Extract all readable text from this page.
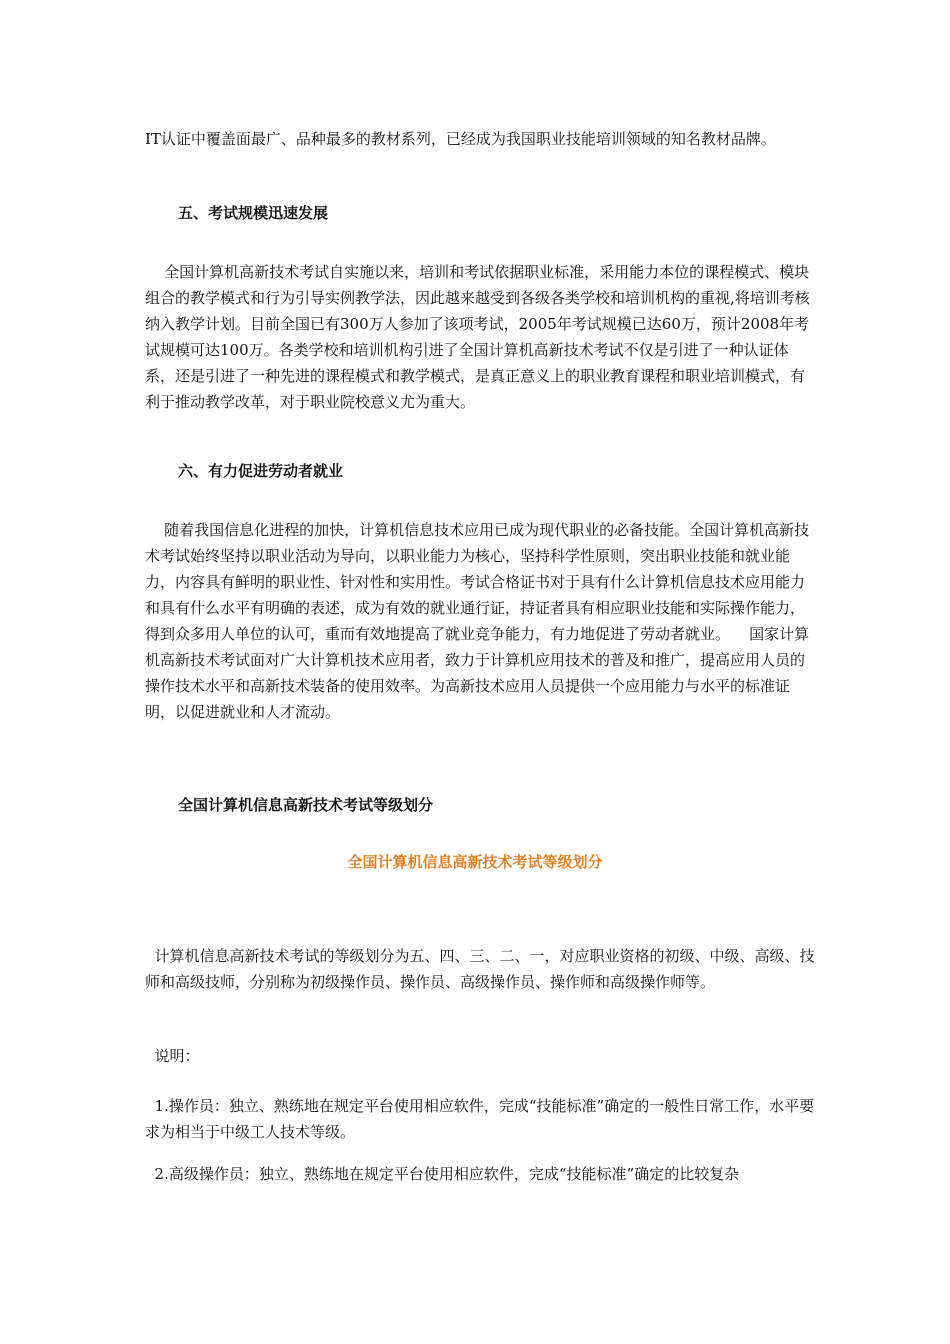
IT认证中覆盖面最广、品种最多的教材系列，已经成为我国职业技能培训领域的知名教材品牌。

五、考试规模迅速发展

全国计算机高新技术考试自实施以来，培训和考试依据职业标准，采用能力本位的课程模式、模块组合的教学模式和行为引导实例教学法，因此越来越受到各级各类学校和培训机构的重视,将培训考核纳入教学计划。目前全国已有300万人参加了该项考试，2005年考试规模已达60万，预计2008年考试规模可达100万。各类学校和培训机构引进了全国计算机高新技术考试不仅是引进了一种认证体系，还是引进了一种先进的课程模式和教学模式，是真正意义上的职业教育课程和职业培训模式，有利于推动教学改革，对于职业院校意义尤为重大。

六、有力促进劳动者就业

随着我国信息化进程的加快，计算机信息技术应用已成为现代职业的必备技能。全国计算机高新技术考试始终坚持以职业活动为导向，以职业能力为核心，坚持科学性原则，突出职业技能和就业能力，内容具有鲜明的职业性、针对性和实用性。考试合格证书对于具有什么计算机信息技术应用能力和具有什么水平有明确的表述，成为有效的就业通行证，持证者具有相应职业技能和实际操作能力，得到众多用人单位的认可，重而有效地提高了就业竞争能力，有力地促进了劳动者就业。    国家计算机高新技术考试面对广大计算机技术应用者，致力于计算机应用技术的普及和推广，提高应用人员的操作技术水平和高新技术装备的使用效率。为高新技术应用人员提供一个应用能力与水平的标准证明，以促进就业和人才流动。

全国计算机信息高新技术考试等级划分

全国计算机信息高新技术考试等级划分

计算机信息高新技术考试的等级划分为五、四、三、二、一，对应职业资格的初级、中级、高级、技师和高级技师，分别称为初级操作员、操作员、高级操作员、操作师和高级操作师等。

说明：

1.操作员：独立、熟练地在规定平台使用相应软件，完成“技能标准”确定的一般性日常工作，水平要求为相当于中级工人技术等级。

2.高级操作员：独立、熟练地在规定平台使用相应软件，完成“技能标准”确定的比较复杂
